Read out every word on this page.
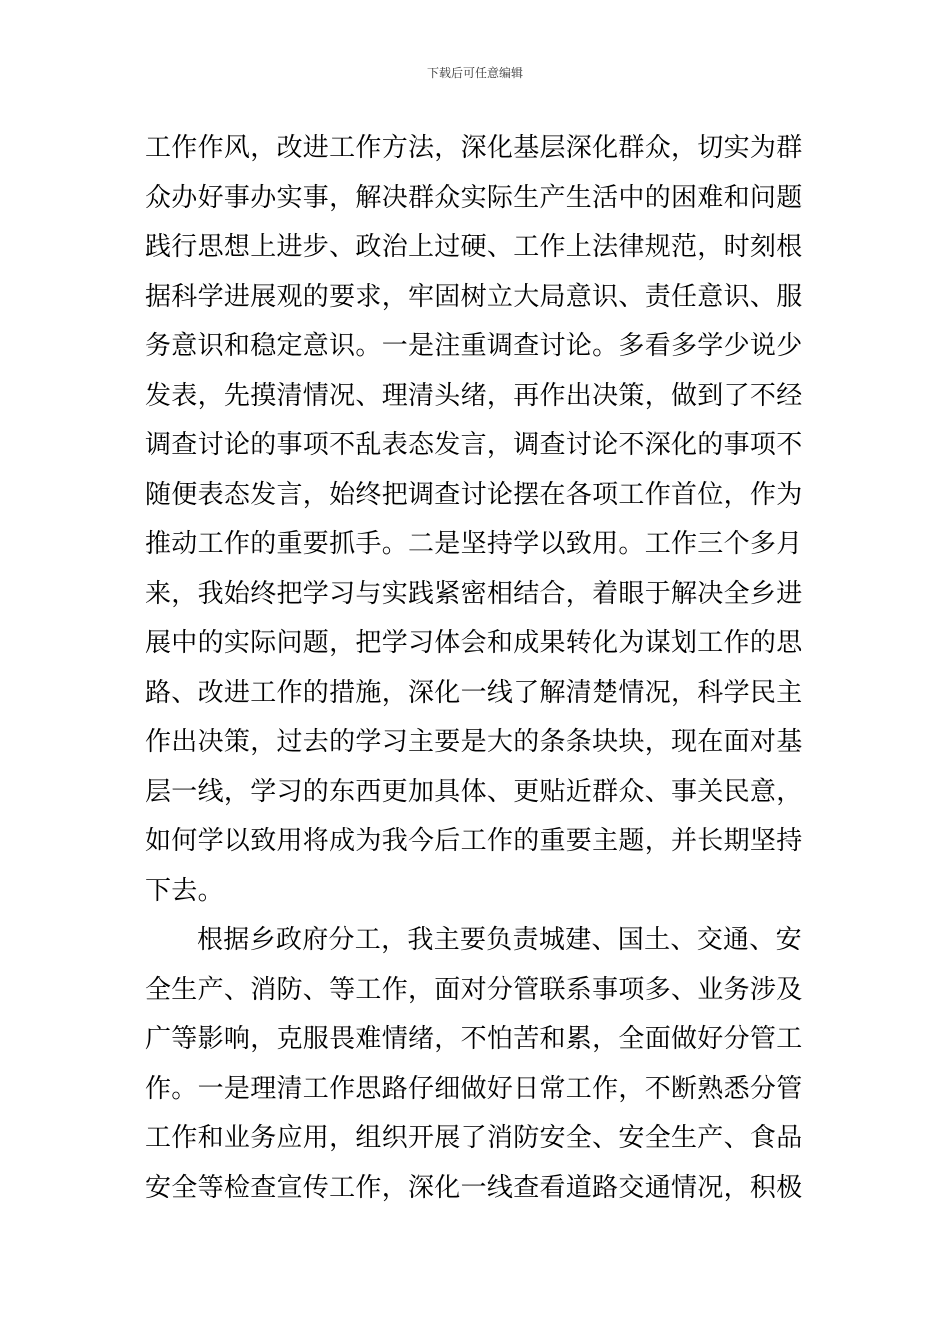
下载后可任意编辑
工作作风，改进工作方法，深化基层深化群众，切实为群
众办好事办实事，解决群众实际生产生活中的困难和问题
践行思想上进步、政治上过硬、工作上法律规范，时刻根
据科学进展观的要求，牢固树立大局意识、责任意识、服
务意识和稳定意识。一是注重调查讨论。多看多学少说少
发表，先摸清情况、理清头绪，再作出决策，做到了不经
调查讨论的事项不乱表态发言，调查讨论不深化的事项不
随便表态发言，始终把调查讨论摆在各项工作首位，作为
推动工作的重要抓手。二是坚持学以致用。工作三个多月
来，我始终把学习与实践紧密相结合，着眼于解决全乡进
展中的实际问题，把学习体会和成果转化为谋划工作的思
路、改进工作的措施，深化一线了解清楚情况，科学民主
作出决策，过去的学习主要是大的条条块块，现在面对基
层一线，学习的东西更加具体、更贴近群众、事关民意，
如何学以致用将成为我今后工作的重要主题，并长期坚持
下去。
根据乡政府分工，我主要负责城建、国土、交通、安
全生产、消防、等工作，面对分管联系事项多、业务涉及
广等影响，克服畏难情绪，不怕苦和累，全面做好分管工
作。一是理清工作思路仔细做好日常工作，不断熟悉分管
工作和业务应用，组织开展了消防安全、安全生产、食品
安全等检查宣传工作，深化一线查看道路交通情况，积极
